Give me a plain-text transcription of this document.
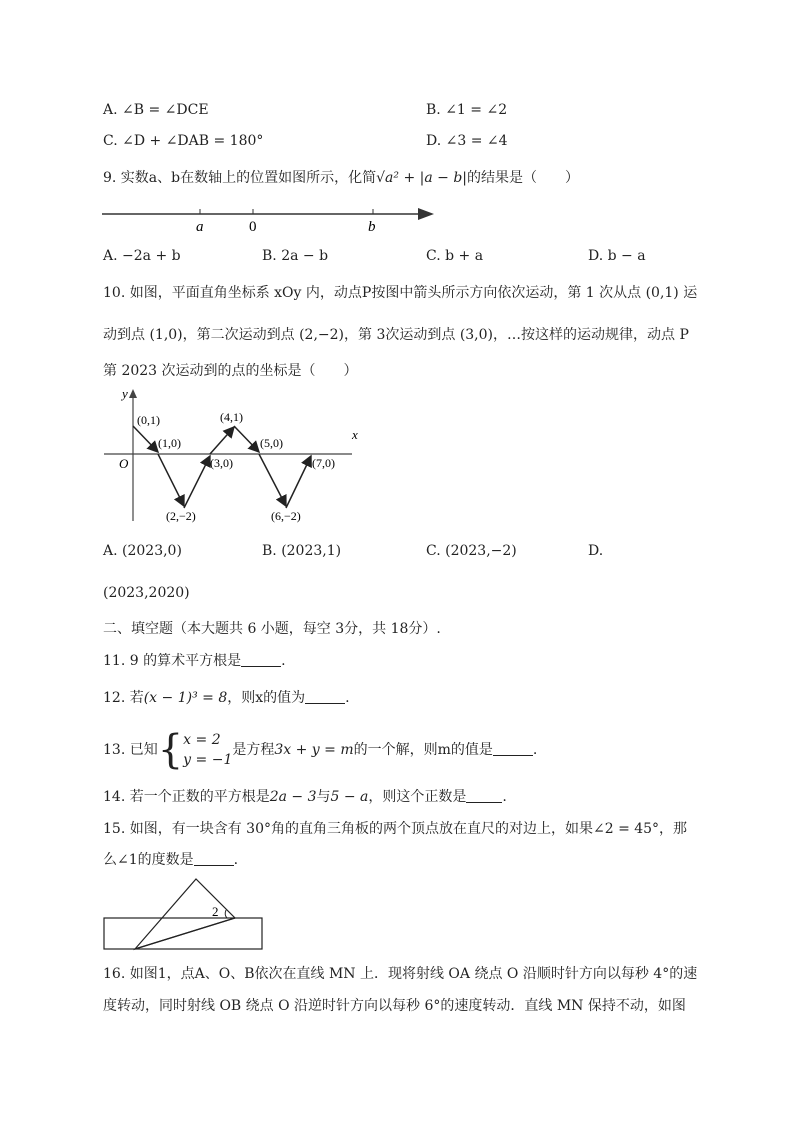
A. ∠B = ∠DCE	B. ∠1 = ∠2
C. ∠D + ∠DAB = 180°	D. ∠3 = ∠4
9. 实数a、b在数轴上的位置如图所示，化简√a² + |a − b|的结果是（　　）
a	0	b
A. −2a + b	B. 2a − b	C. b + a	D. b − a
10. 如图，平面直角坐标系 xOy 内，动点P按图中箭头所示方向依次运动，第 1 次从点 (0,1) 运
动到点 (1,0)，第二次运动到点 (2,−2)，第 3次运动到点 (3,0)，…按这样的运动规律，动点 P
第 2023 次运动到的点的坐标是（　　）
y
x
O
(0,1)
(1,0)
(2,−2)
(3,0)
(4,1)
(5,0)
(6,−2)
(7,0)
A. (2023,0)	B. (2023,1)	C. (2023,−2)	D.
(2023,2020)
二、填空题（本大题共 6 小题，每空 3分，共 18分）.
11. 9 的算术平方根是	.
12. 若(x − 1)³ = 8，则x的值为	.
13. 已知{x = 2
y = −1是方程3x + y = m的一个解，则m的值是	.
14. 若一个正数的平方根是2a − 3与5 − a，则这个正数是	.
15. 如图，有一块含有 30°角的直角三角板的两个顶点放在直尺的对边上，如果∠2 = 45°，那
么∠1的度数是	.
2
16. 如图1，点A、O、B依次在直线 MN 上．现将射线 OA 绕点 O 沿顺时针方向以每秒 4°的速
度转动，同时射线 OB 绕点 O 沿逆时针方向以每秒 6°的速度转动．直线 MN 保持不动，如图
